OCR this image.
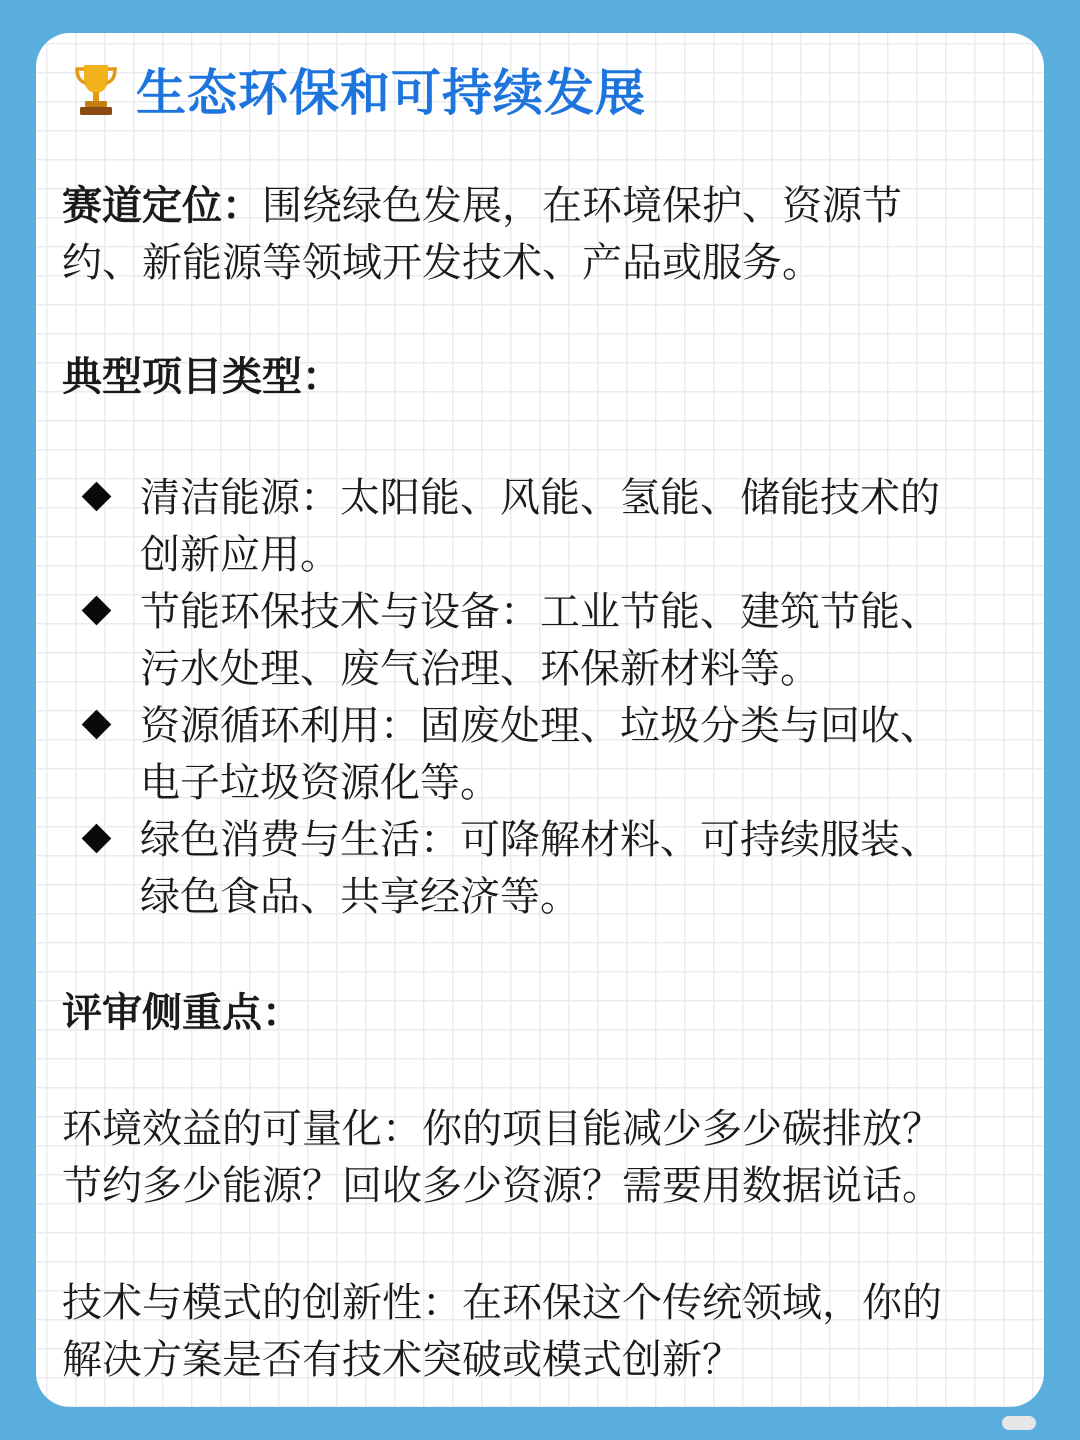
生态环保和可持续发展
赛道定位：围绕绿色发展，在环境保护、资源节
约、新能源等领域开发技术、产品或服务。
典型项目类型：
清洁能源：太阳能、风能、氢能、储能技术的
创新应用。
节能环保技术与设备：工业节能、建筑节能、
污水处理、废气治理、环保新材料等。
资源循环利用：固废处理、垃圾分类与回收、
电子垃圾资源化等。
绿色消费与生活：可降解材料、可持续服装、
绿色食品、共享经济等。
评审侧重点：
环境效益的可量化：你的项目能减少多少碳排放？
节约多少能源？回收多少资源？需要用数据说话。
技术与模式的创新性：在环保这个传统领域，你的
解决方案是否有技术突破或模式创新？
